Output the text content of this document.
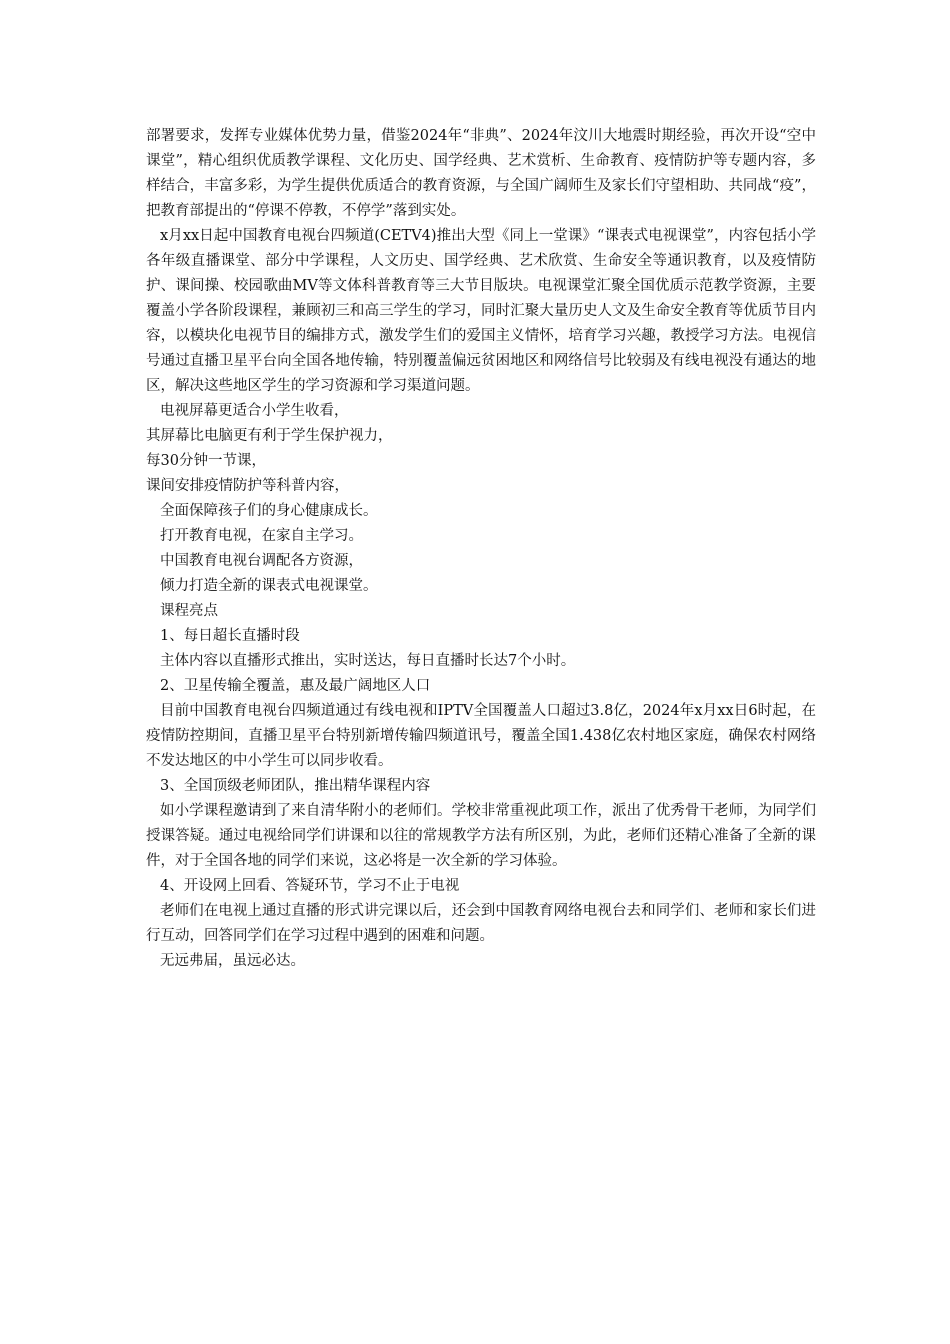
部署要求，发挥专业媒体优势力量，借鉴2024年“非典”、2024年汶川大地震时期经验，再次开设“空中课堂”，精心组织优质教学课程、文化历史、国学经典、艺术赏析、生命教育、疫情防护等专题内容，多样结合，丰富多彩，为学生提供优质适合的教育资源，与全国广阔师生及家长们守望相助、共同战“疫”，把教育部提出的“停课不停教，不停学”落到实处。

x月xx日起中国教育电视台四频道(CETV4)推出大型《同上一堂课》“课表式电视课堂”，内容包括小学各年级直播课堂、部分中学课程，人文历史、国学经典、艺术欣赏、生命安全等通识教育，以及疫情防护、课间操、校园歌曲MV等文体科普教育等三大节目版块。电视课堂汇聚全国优质示范教学资源，主要覆盖小学各阶段课程，兼顾初三和高三学生的学习，同时汇聚大量历史人文及生命安全教育等优质节目内容，以模块化电视节目的编排方式，激发学生们的爱国主义情怀，培育学习兴趣，教授学习方法。电视信号通过直播卫星平台向全国各地传输，特别覆盖偏远贫困地区和网络信号比较弱及有线电视没有通达的地区，解决这些地区学生的学习资源和学习渠道问题。

电视屏幕更适合小学生收看，

其屏幕比电脑更有利于学生保护视力，

每30分钟一节课，

课间安排疫情防护等科普内容，

全面保障孩子们的身心健康成长。

打开教育电视，在家自主学习。

中国教育电视台调配各方资源，

倾力打造全新的课表式电视课堂。

课程亮点

1、每日超长直播时段

主体内容以直播形式推出，实时送达，每日直播时长达7个小时。

2、卫星传输全覆盖，惠及最广阔地区人口

目前中国教育电视台四频道通过有线电视和IPTV全国覆盖人口超过3.8亿，2024年x月xx日6时起，在疫情防控期间，直播卫星平台特别新增传输四频道讯号，覆盖全国1.438亿农村地区家庭，确保农村网络不发达地区的中小学生可以同步收看。

3、全国顶级老师团队，推出精华课程内容

如小学课程邀请到了来自清华附小的老师们。学校非常重视此项工作，派出了优秀骨干老师，为同学们授课答疑。通过电视给同学们讲课和以往的常规教学方法有所区别，为此，老师们还精心准备了全新的课件，对于全国各地的同学们来说，这必将是一次全新的学习体验。

4、开设网上回看、答疑环节，学习不止于电视

老师们在电视上通过直播的形式讲完课以后，还会到中国教育网络电视台去和同学们、老师和家长们进行互动，回答同学们在学习过程中遇到的困难和问题。

无远弗届，虽远必达。
